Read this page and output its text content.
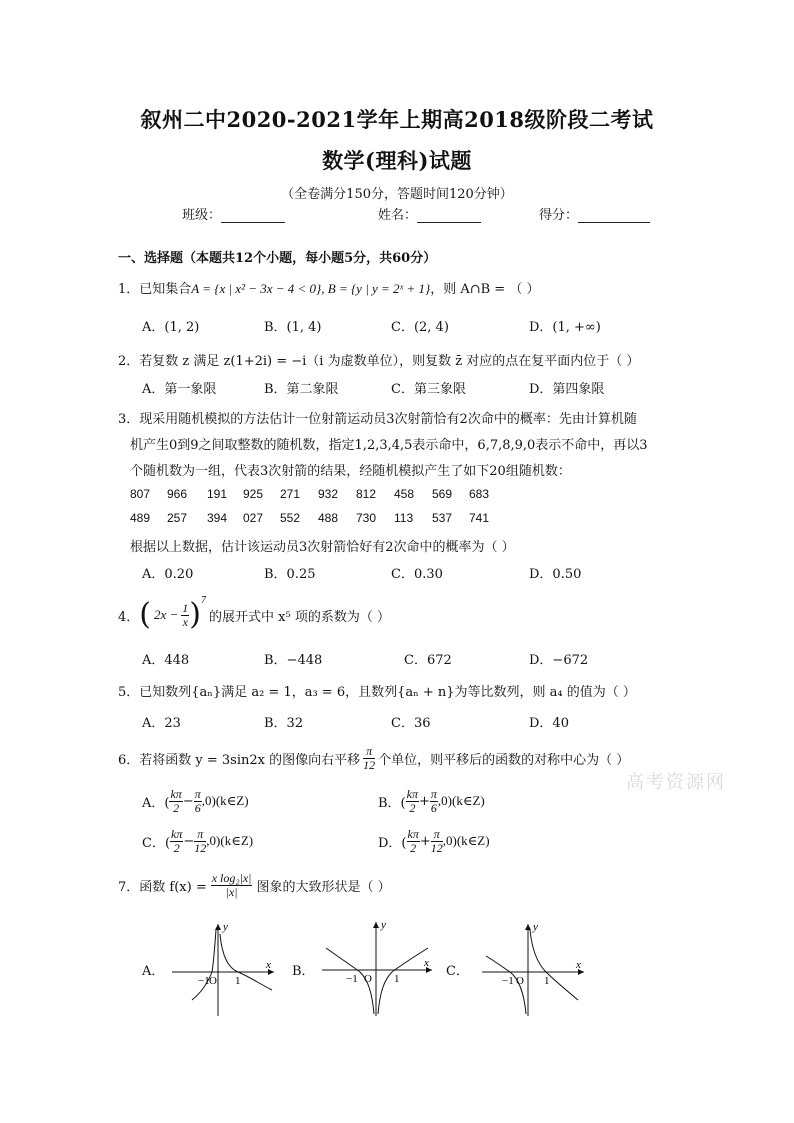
叙州二中2020-2021学年上期高2018级阶段二考试
数学(理科)试题
（全卷满分150分，答题时间120分钟）
班级：	姓名：	得分：
一、选择题（本题共12个小题，每小题5分，共60分）
1．已知集合A = {x | x² − 3x − 4 < 0}, B = {y | y = 2ˣ + 1}，则 A∩B = （ ）
A．(1, 2)	B．(1, 4)	C．(2, 4)	D．(1, +∞)
2．若复数 z 满足 z(1+2i) = −i（i 为虚数单位），则复数 z̄ 对应的点在复平面内位于（ ）
A．第一象限	B．第二象限	C．第三象限	D．第四象限
3．现采用随机模拟的方法估计一位射箭运动员3次射箭恰有2次命中的概率：先由计算机随
机产生0到9之间取整数的随机数，指定1,2,3,4,5表示命中，6,7,8,9,0表示不命中，再以3
个随机数为一组，代表3次射箭的结果，经随机模拟产生了如下20组随机数：
807 966 191 925 271 932 812 458 569 683
489 257 394 027 552 488 730 113 537 741
根据以上数据，估计该运动员3次射箭恰好有2次命中的概率为（ ）
A．0.20	B．0.25	C．0.30	D．0.50
4． ( $2x - \frac{1}{x}$ ) 7
的展开式中 x⁵ 项的系数为（ ）
A．448	B．−448	C．672	D．−672
5．已知数列{aₙ}满足 a₂ = 1，a₃ = 6，且数列{aₙ + n}为等比数列，则 a₄ 的值为（ ）
A．23	B．32	C．36	D．40
6．若将函数 y = 3sin2x 的图像向右平移 $\frac{\pi}{12}$ 个单位，则平移后的函数的对称中心为（ ）
A．( $\frac{k\pi}{2} - \frac{\pi}{6}$ ,0)(k∈Z)	B．( $\frac{k\pi}{2} + \frac{\pi}{6}$ ,0)(k∈Z)
C．( $\frac{k\pi}{2} - \frac{\pi}{12}$ ,0)(k∈Z)	D．( $\frac{k\pi}{2} + \frac{\pi}{12}$ ,0)(k∈Z)
高考资源网
7．函数 $f(x) = \frac{\text{x log₂|x|}}{|x|}$ 图象的大致形状是（ ）
A．	B．	C．
y
x
−1 O 1
y
x
−1 O 1
y
x
−1 O 1
